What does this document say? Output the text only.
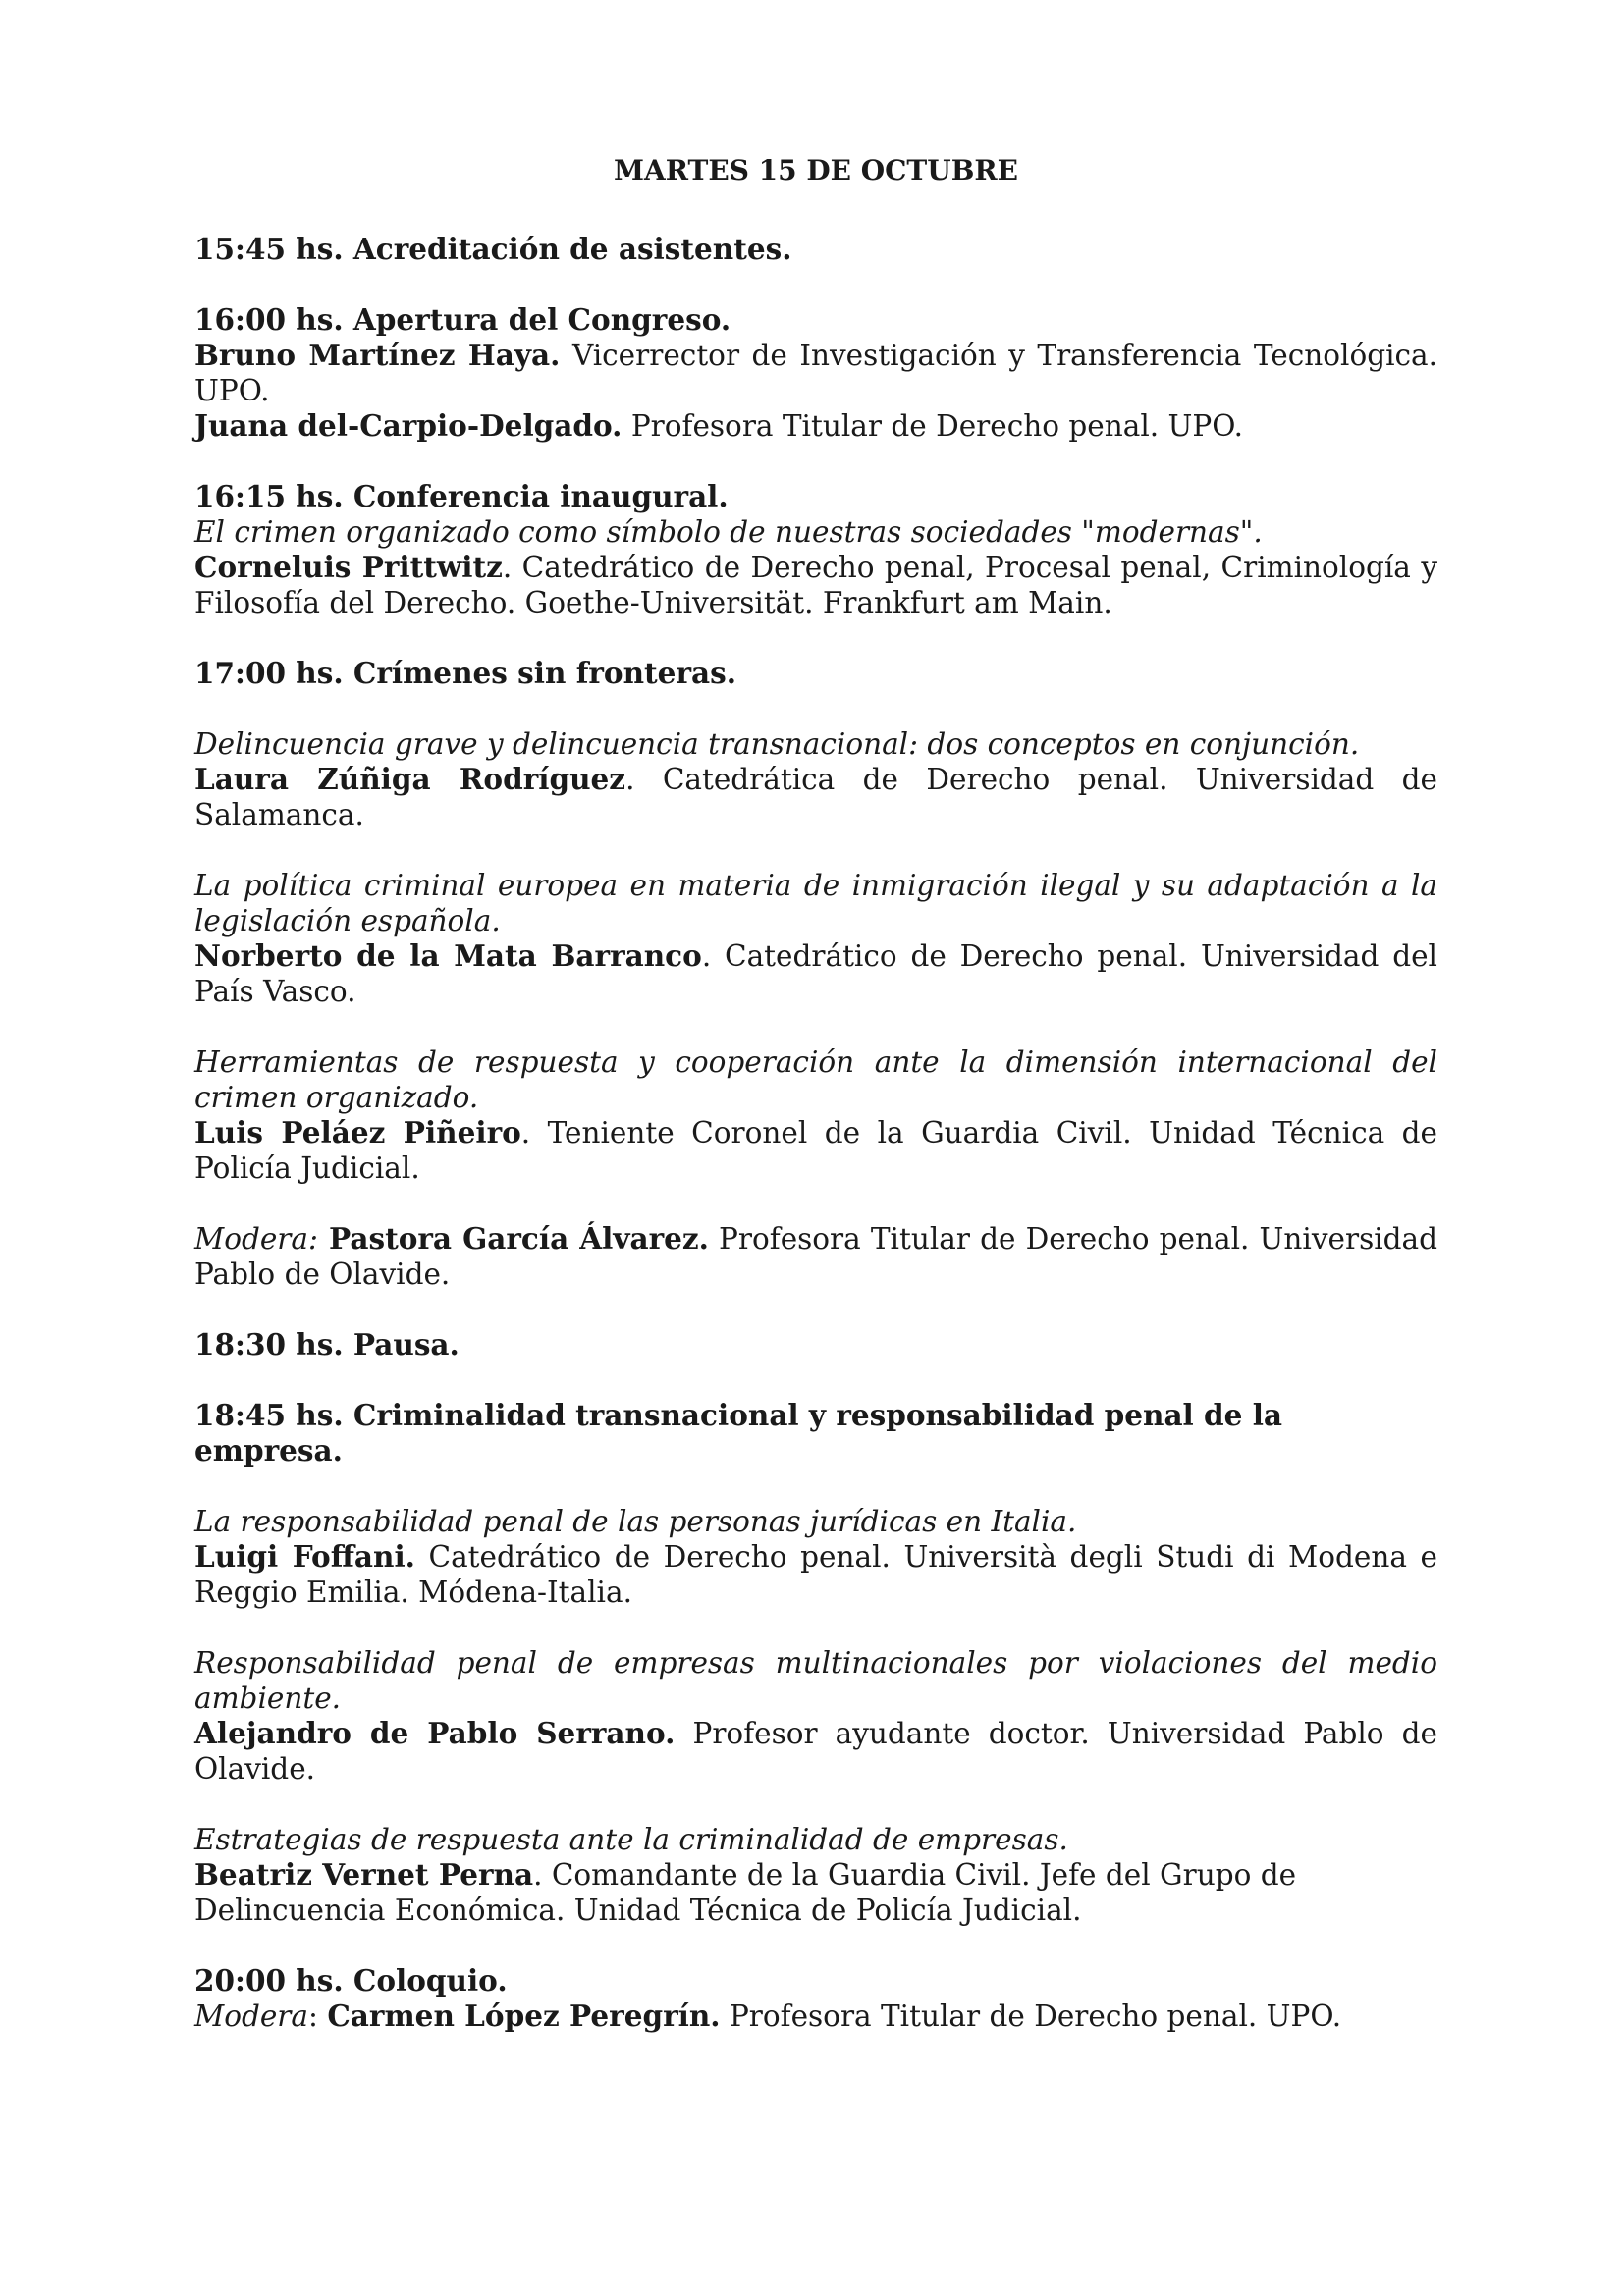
MARTES 15 DE OCTUBRE

15:45 hs. Acreditación de asistentes.

16:00 hs. Apertura del Congreso.

Bruno Martínez Haya. Vicerrector de Investigación y Transferencia Tecnológica. UPO.

Juana del-Carpio-Delgado. Profesora Titular de Derecho penal. UPO.

16:15 hs. Conferencia inaugural.

El crimen organizado como símbolo de nuestras sociedades "modernas".

Corneluis Prittwitz. Catedrático de Derecho penal, Procesal penal, Criminología y Filosofía del Derecho. Goethe-Universität. Frankfurt am Main.

17:00 hs. Crímenes sin fronteras.

Delincuencia grave y delincuencia transnacional: dos conceptos en conjunción.

Laura Zúñiga Rodríguez. Catedrática de Derecho penal. Universidad de Salamanca.

La política criminal europea en materia de inmigración ilegal y su adaptación a la legislación española.

Norberto de la Mata Barranco. Catedrático de Derecho penal. Universidad del País Vasco.

Herramientas de respuesta y cooperación ante la dimensión internacional del crimen organizado.

Luis Peláez Piñeiro. Teniente Coronel de la Guardia Civil. Unidad Técnica de Policía Judicial.

Modera: Pastora García Álvarez. Profesora Titular de Derecho penal. Universidad Pablo de Olavide.

18:30 hs. Pausa.

18:45 hs. Criminalidad transnacional y responsabilidad penal de la empresa.

La responsabilidad penal de las personas jurídicas en Italia.

Luigi Foffani. Catedrático de Derecho penal. Università degli Studi di Modena e Reggio Emilia. Módena-Italia.

Responsabilidad penal de empresas multinacionales por violaciones del medio ambiente.

Alejandro de Pablo Serrano. Profesor ayudante doctor. Universidad Pablo de Olavide.

Estrategias de respuesta ante la criminalidad de empresas.

Beatriz Vernet Perna. Comandante de la Guardia Civil. Jefe del Grupo de Delincuencia Económica. Unidad Técnica de Policía Judicial.

20:00 hs. Coloquio.

Modera: Carmen López Peregrín. Profesora Titular de Derecho penal. UPO.
